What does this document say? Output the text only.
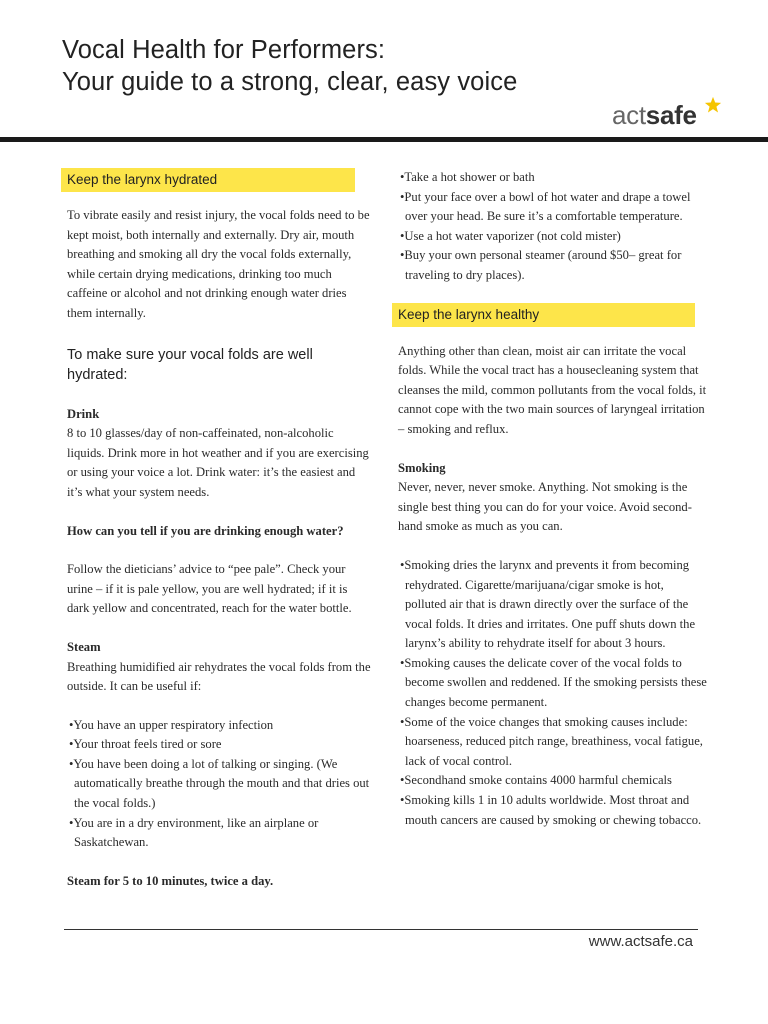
Vocal Health for Performers:
Your guide to a strong, clear, easy voice
actsafe
Keep the larynx hydrated

To vibrate easily and resist injury, the vocal folds need to be kept moist, both internally and externally. Dry air, mouth breathing and smoking all dry the vocal folds externally, while certain drying medications, drinking too much caffeine or alcohol and not drinking enough water dries them internally.

To make sure your vocal folds are well hydrated:

Drink

8 to 10 glasses/day of non-caffeinated, non-alcoholic liquids. Drink more in hot weather and if you are exercising or using your voice a lot. Drink water: it’s the easiest and it’s what your system needs.

How can you tell if you are drinking enough water?

Follow the dieticians’ advice to “pee pale”. Check your urine – if it is pale yellow, you are well hydrated; if it is dark yellow and concentrated, reach for the water bottle.

Steam

Breathing humidified air rehydrates the vocal folds from the outside. It can be useful if:

•You have an upper respiratory infection

•Your throat feels tired or sore

•You have been doing a lot of talking or singing. (We automatically breathe through the mouth and that dries out the vocal folds.)

•You are in a dry environment, like an airplane or Saskatchewan.

Steam for 5 to 10 minutes, twice a day.

•Take a hot shower or bath

•Put your face over a bowl of hot water and drape a towel over your head. Be sure it’s a comfortable temperature.

•Use a hot water vaporizer (not cold mister)

•Buy your own personal steamer (around $50– great for traveling to dry places).

Keep the larynx healthy

Anything other than clean, moist air can irritate the vocal folds. While the vocal tract has a housecleaning system that cleanses the mild, common pollutants from the vocal folds, it cannot cope with the two main sources of laryngeal irritation – smoking and reflux.

Smoking

Never, never, never smoke. Anything. Not smoking is the single best thing you can do for your voice. Avoid second-hand smoke as much as you can.

•Smoking dries the larynx and prevents it from becoming rehydrated. Cigarette/marijuana/cigar smoke is hot, polluted air that is drawn directly over the surface of the vocal folds. It dries and irritates. One puff shuts down the larynx’s ability to rehydrate itself for about 3 hours.

•Smoking causes the delicate cover of the vocal folds to become swollen and reddened. If the smoking persists these changes become permanent.

•Some of the voice changes that smoking causes include: hoarseness, reduced pitch range, breathiness, vocal fatigue, lack of vocal control.

•Secondhand smoke contains 4000 harmful chemicals

•Smoking kills 1 in 10 adults worldwide. Most throat and mouth cancers are caused by smoking or chewing tobacco.

www.actsafe.ca
